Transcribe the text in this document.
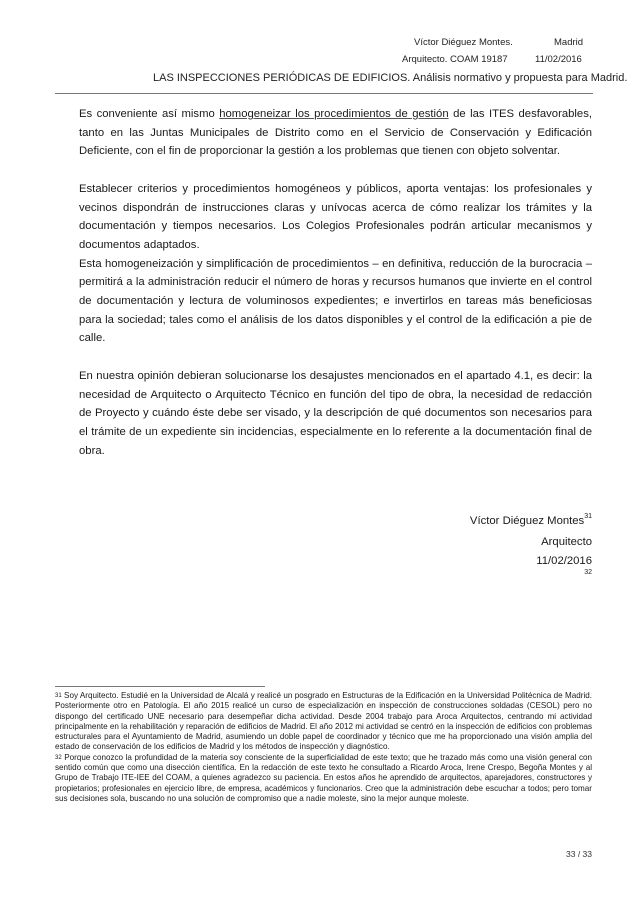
Víctor Diéguez Montes.	Madrid
Arquitecto. COAM 19187	11/02/2016
LAS INSPECCIONES PERIÓDICAS DE EDIFICIOS. Análisis normativo y propuesta para Madrid.

Es conveniente así mismo homogeneizar los procedimientos de gestión de las ITES desfavorables, tanto en las Juntas Municipales de Distrito como en el Servicio de Conservación y Edificación Deficiente, con el fin de proporcionar la gestión a los problemas que tienen con objeto solventar.

Establecer criterios y procedimientos homogéneos y públicos, aporta ventajas: los profesionales y vecinos dispondrán de instrucciones claras y unívocas acerca de cómo realizar los trámites y la documentación y tiempos necesarios. Los Colegios Profesionales podrán articular mecanismos y documentos adaptados.

Esta homogeneización y simplificación de procedimientos – en definitiva, reducción de la burocracia – permitirá a la administración reducir el número de horas y recursos humanos que invierte en el control de documentación y lectura de voluminosos expedientes; e invertirlos en tareas más beneficiosas para la sociedad; tales como el análisis de los datos disponibles y el control de la edificación a pie de calle.

En nuestra opinión debieran solucionarse los desajustes mencionados en el apartado 4.1, es decir: la necesidad de Arquitecto o Arquitecto Técnico en función del tipo de obra, la necesidad de redacción de Proyecto y cuándo éste debe ser visado, y la descripción de qué documentos son necesarios para el trámite de un expediente sin incidencias, especialmente en lo referente a la documentación final de obra.

Víctor Diéguez Montes$^{31}$
Arquitecto
11/02/2016
32

$^{31}$ Soy Arquitecto. Estudié en la Universidad de Alcalá y realicé un posgrado en Estructuras de la Edificación en la Universidad Politécnica de Madrid. Posteriormente otro en Patología. El año 2015 realicé un curso de especialización en inspección de construcciones soldadas (CESOL) pero no dispongo del certificado UNE necesario para desempeñar dicha actividad. Desde 2004 trabajo para Aroca Arquitectos, centrando mi actividad principalmente en la rehabilitación y reparación de edificios de Madrid. El año 2012 mi actividad se centró en la inspección de edificios con problemas estructurales para el Ayuntamiento de Madrid, asumiendo un doble papel de coordinador y técnico que me ha proporcionado una visión amplia del estado de conservación de los edificios de Madrid y los métodos de inspección y diagnóstico.

$^{32}$ Porque conozco la profundidad de la materia soy consciente de la superficialidad de este texto; que he trazado más como una visión general con sentido común que como una disección científica. En la redacción de este texto he consultado a Ricardo Aroca, Irene Crespo, Begoña Montes y al Grupo de Trabajo ITE-IEE del COAM, a quienes agradezco su paciencia. En estos años he aprendido de arquitectos, aparejadores, constructores y propietarios; profesionales en ejercicio libre, de empresa, académicos y funcionarios. Creo que la administración debe escuchar a todos; pero tomar sus decisiones sola, buscando no una solución de compromiso que a nadie moleste, sino la mejor aunque moleste.

33 / 33
